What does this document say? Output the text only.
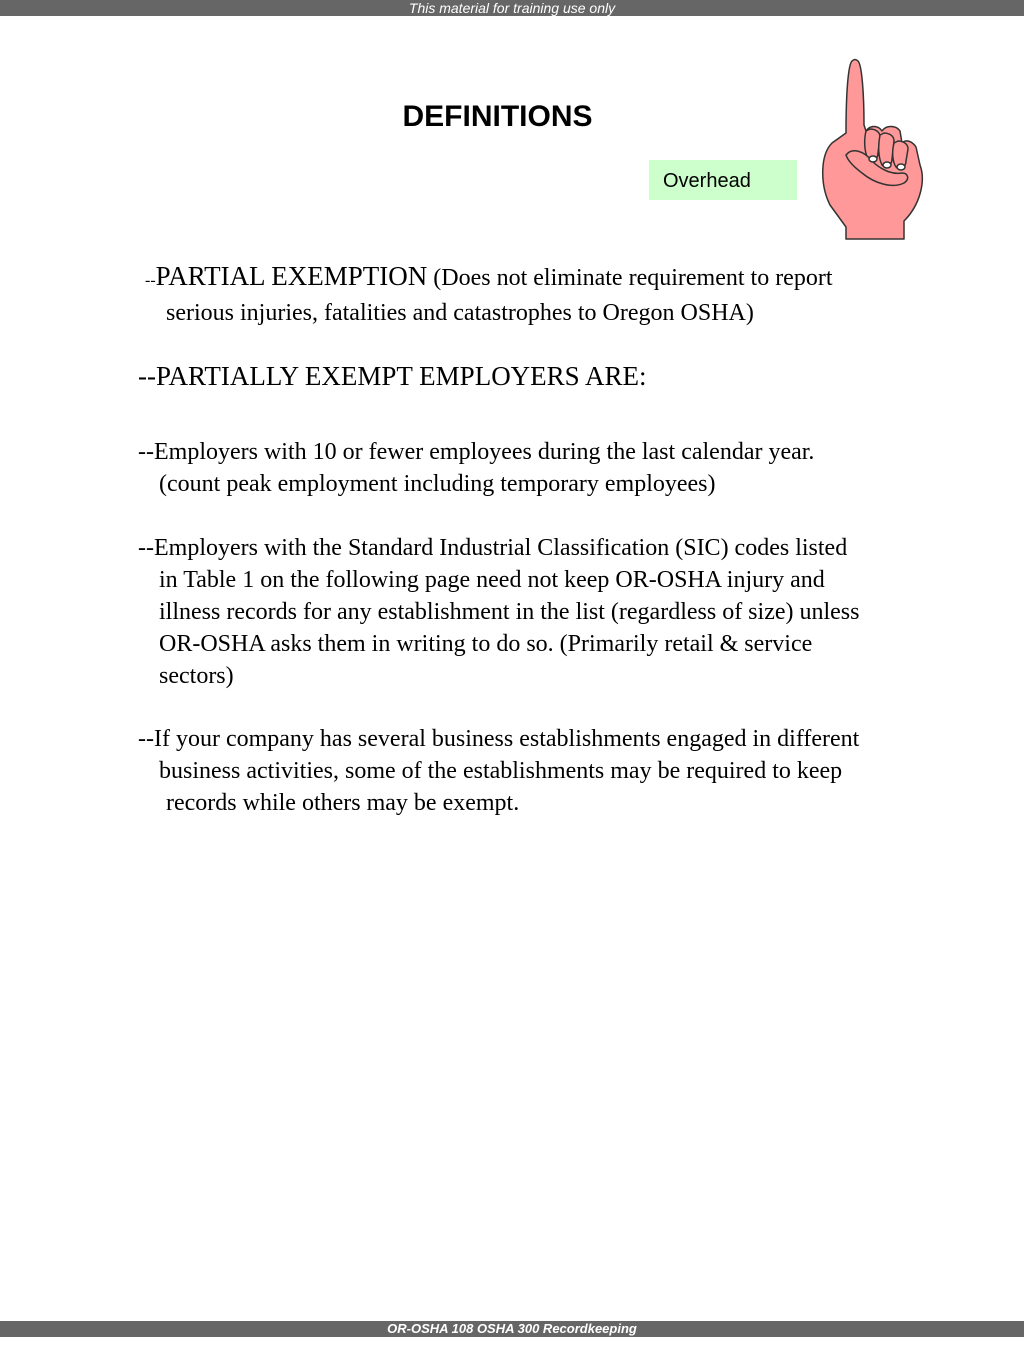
This material for training use only
DEFINITIONS
Overhead
--PARTIAL EXEMPTION (Does not eliminate requirement to report
serious injuries, fatalities and catastrophes to Oregon OSHA)
--PARTIALLY EXEMPT EMPLOYERS ARE:
--Employers with 10 or fewer employees during the last calendar year.
(count peak employment including temporary employees)
--Employers with the Standard Industrial Classification (SIC) codes listed
in Table 1 on the following page need not keep OR-OSHA injury and
illness records for any establishment in the list (regardless of size) unless
OR-OSHA asks them in writing to do so. (Primarily retail & service
sectors)
--If your company has several business establishments engaged in different
business activities, some of the establishments may be required to keep
records while others may be exempt.
OR-OSHA 108 OSHA 300 Recordkeeping
